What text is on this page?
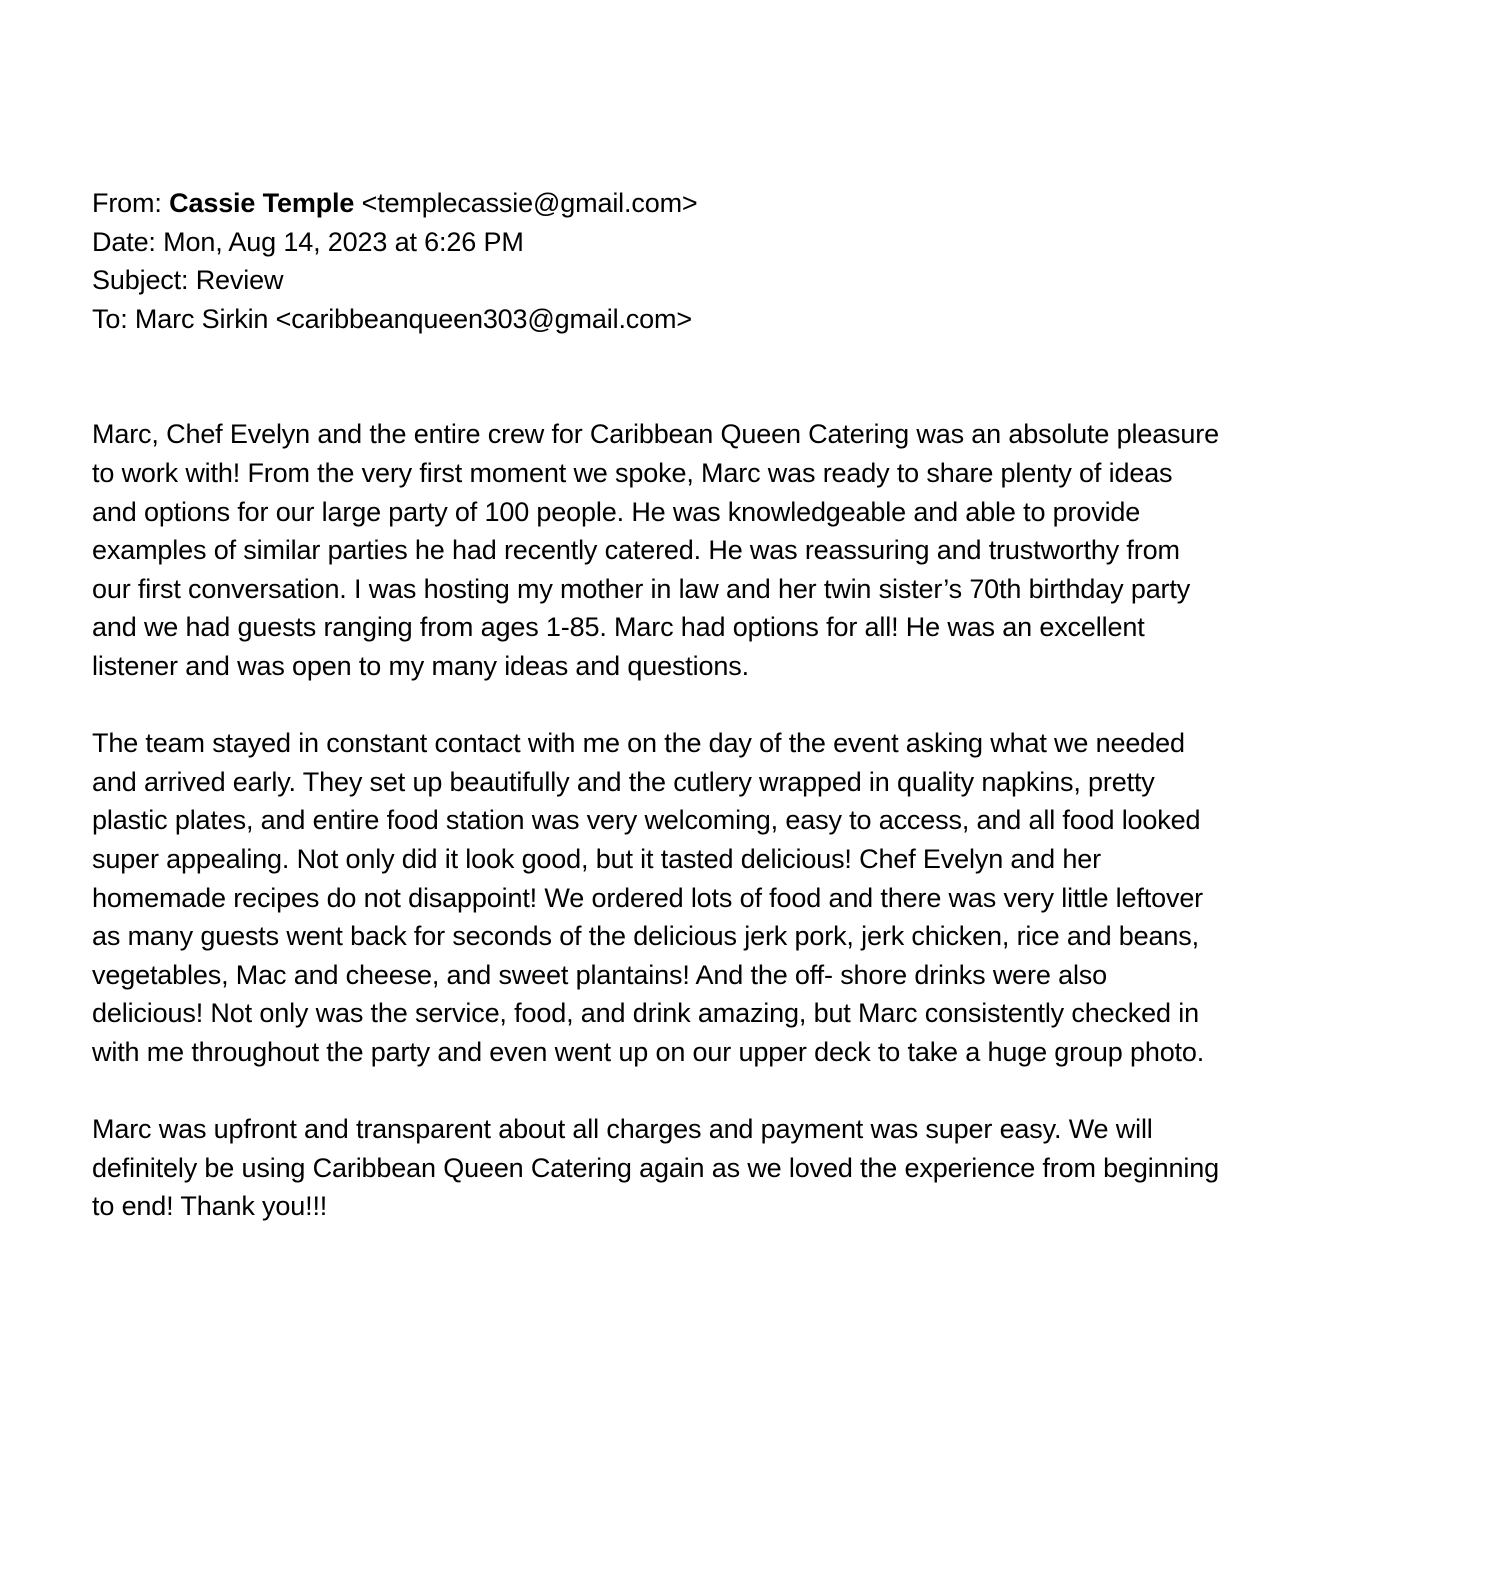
From: Cassie Temple <templecassie@gmail.com>
Date: Mon, Aug 14, 2023 at 6:26 PM
Subject: Review
To: Marc Sirkin <caribbeanqueen303@gmail.com>
Marc, Chef Evelyn and the entire crew for Caribbean Queen Catering was an absolute pleasure
to work with! From the very first moment we spoke, Marc was ready to share plenty of ideas
and options for our large party of 100 people. He was knowledgeable and able to provide
examples of similar parties he had recently catered. He was reassuring and trustworthy from
our first conversation. I was hosting my mother in law and her twin sister’s 70th birthday party
and we had guests ranging from ages 1-85. Marc had options for all! He was an excellent
listener and was open to my many ideas and questions.
The team stayed in constant contact with me on the day of the event asking what we needed
and arrived early. They set up beautifully and the cutlery wrapped in quality napkins, pretty
plastic plates, and entire food station was very welcoming, easy to access, and all food looked
super appealing. Not only did it look good, but it tasted delicious! Chef Evelyn and her
homemade recipes do not disappoint! We ordered lots of food and there was very little leftover
as many guests went back for seconds of the delicious jerk pork, jerk chicken, rice and beans,
vegetables, Mac and cheese, and sweet plantains! And the off- shore drinks were also
delicious! Not only was the service, food, and drink amazing, but Marc consistently checked in
with me throughout the party and even went up on our upper deck to take a huge group photo.
Marc was upfront and transparent about all charges and payment was super easy. We will
definitely be using Caribbean Queen Catering again as we loved the experience from beginning
to end! Thank you!!!
